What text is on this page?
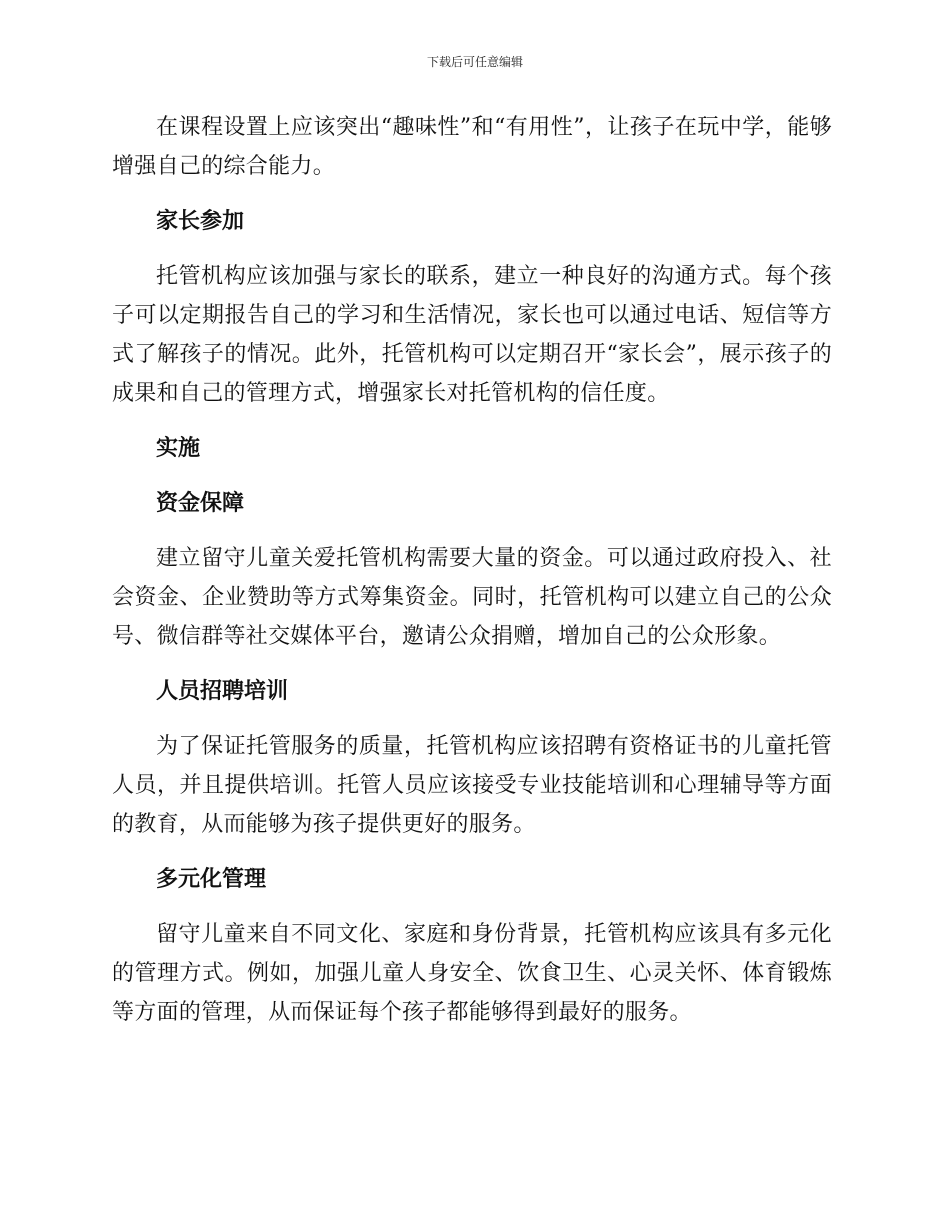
下载后可任意编辑

在课程设置上应该突出“趣味性”和“有用性”，让孩子在玩中学，能够增强自己的综合能力。

家长参加

托管机构应该加强与家长的联系，建立一种良好的沟通方式。每个孩子可以定期报告自己的学习和生活情况，家长也可以通过电话、短信等方式了解孩子的情况。此外，托管机构可以定期召开“家长会”，展示孩子的成果和自己的管理方式，增强家长对托管机构的信任度。

实施

资金保障

建立留守儿童关爱托管机构需要大量的资金。可以通过政府投入、社会资金、企业赞助等方式筹集资金。同时，托管机构可以建立自己的公众号、微信群等社交媒体平台，邀请公众捐赠，增加自己的公众形象。

人员招聘培训

为了保证托管服务的质量，托管机构应该招聘有资格证书的儿童托管人员，并且提供培训。托管人员应该接受专业技能培训和心理辅导等方面的教育，从而能够为孩子提供更好的服务。

多元化管理

留守儿童来自不同文化、家庭和身份背景，托管机构应该具有多元化的管理方式。例如，加强儿童人身安全、饮食卫生、心灵关怀、体育锻炼等方面的管理，从而保证每个孩子都能够得到最好的服务。
